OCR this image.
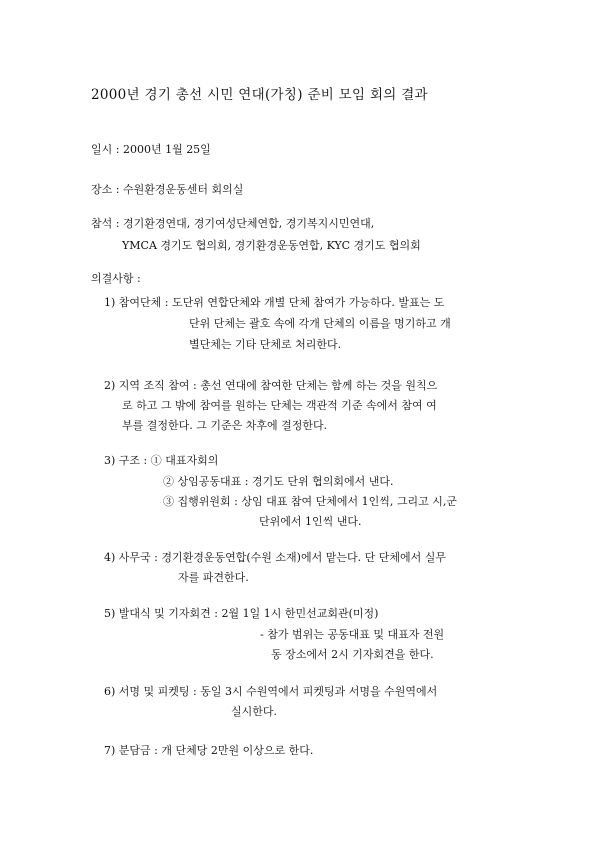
2000년 경기 총선 시민 연대(가칭) 준비 모임 회의 결과
일시 : 2000년 1월 25일
장소 : 수원환경운동센터 회의실
참석 : 경기환경연대, 경기여성단체연합, 경기복지시민연대,
YMCA 경기도 협의회, 경기환경운동연합, KYC 경기도 협의회
의결사항 :
1) 참여단체 : 도단위 연합단체와 개별 단체 참여가 가능하다. 발표는 도
단위 단체는 괄호 속에 각개 단체의 이름을 명기하고 개
별단체는 기타 단체로 처리한다.
2) 지역 조직 참여 : 총선 연대에 참여한 단체는 함께 하는 것을 원칙으
로 하고 그 밖에 참여를 원하는 단체는 객관적 기준 속에서 참여 여
부를 결정한다. 그 기준은 차후에 결정한다.
3) 구조 : ① 대표자회의
② 상임공동대표 : 경기도 단위 협의회에서 낸다.
③ 집행위원회 : 상임 대표 참여 단체에서 1인씩, 그리고 시,군
단위에서 1인씩 낸다.
4) 사무국 : 경기환경운동연합(수원 소재)에서 맡는다. 단 단체에서 실무
자를 파견한다.
5) 발대식 및 기자회견 : 2월 1일 1시 한민선교회관(미정)
- 참가 범위는 공동대표 및 대표자 전원
동 장소에서 2시 기자회견을 한다.
6) 서명 및 피켓팅 : 동일 3시 수원역에서 피켓팅과 서명을 수원역에서
실시한다.
7) 분담금 : 개 단체당 2만원 이상으로 한다.
